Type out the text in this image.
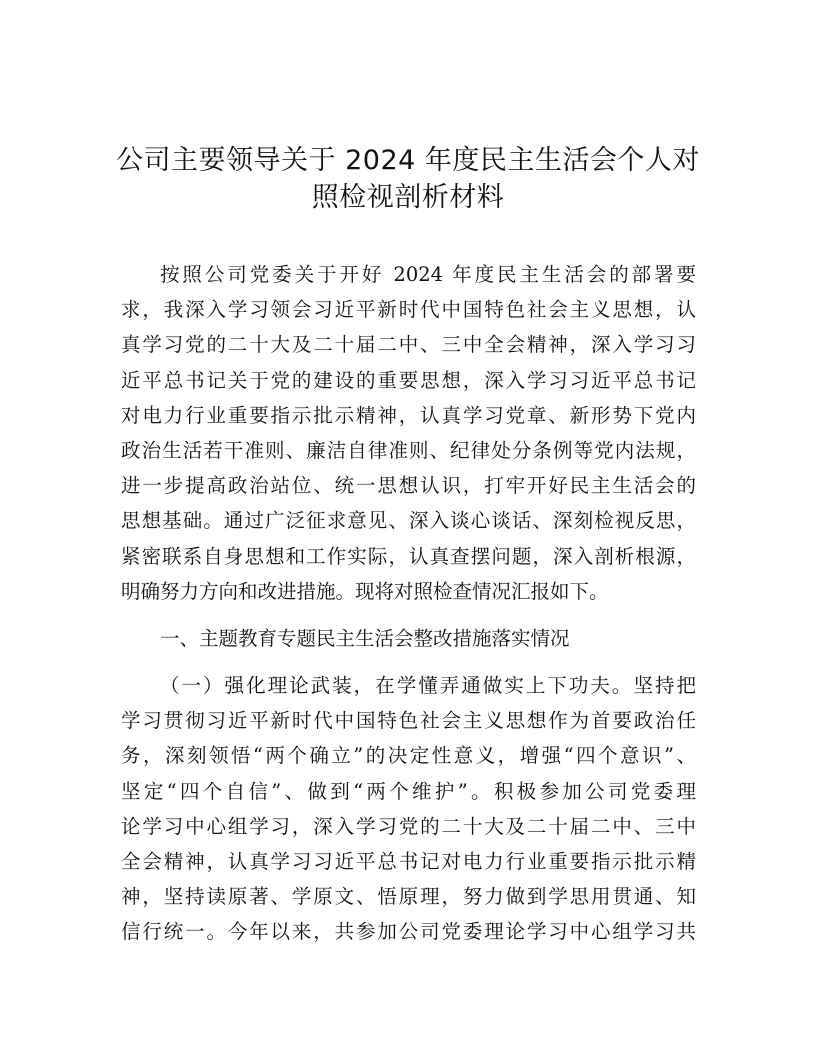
公司主要领导关于 2024 年度民主生活会个人对
照检视剖析材料
按照公司党委关于开好 2024 年度民主生活会的部署要
求，我深入学习领会习近平新时代中国特色社会主义思想，认
真学习党的二十大及二十届二中、三中全会精神，深入学习习
近平总书记关于党的建设的重要思想，深入学习习近平总书记
对电力行业重要指示批示精神，认真学习党章、新形势下党内
政治生活若干准则、廉洁自律准则、纪律处分条例等党内法规，
进一步提高政治站位、统一思想认识，打牢开好民主生活会的
思想基础。通过广泛征求意见、深入谈心谈话、深刻检视反思，
紧密联系自身思想和工作实际，认真查摆问题，深入剖析根源，
明确努力方向和改进措施。现将对照检查情况汇报如下。
一、主题教育专题民主生活会整改措施落实情况
（一）强化理论武装，在学懂弄通做实上下功夫。坚持把
学习贯彻习近平新时代中国特色社会主义思想作为首要政治任
务，深刻领悟“两个确立”的决定性意义，增强“四个意识”、
坚定“四个自信”、做到“两个维护”。积极参加公司党委理
论学习中心组学习，深入学习党的二十大及二十届二中、三中
全会精神，认真学习习近平总书记对电力行业重要指示批示精
神，坚持读原著、学原文、悟原理，努力做到学思用贯通、知
信行统一。今年以来，共参加公司党委理论学习中心组学习共
